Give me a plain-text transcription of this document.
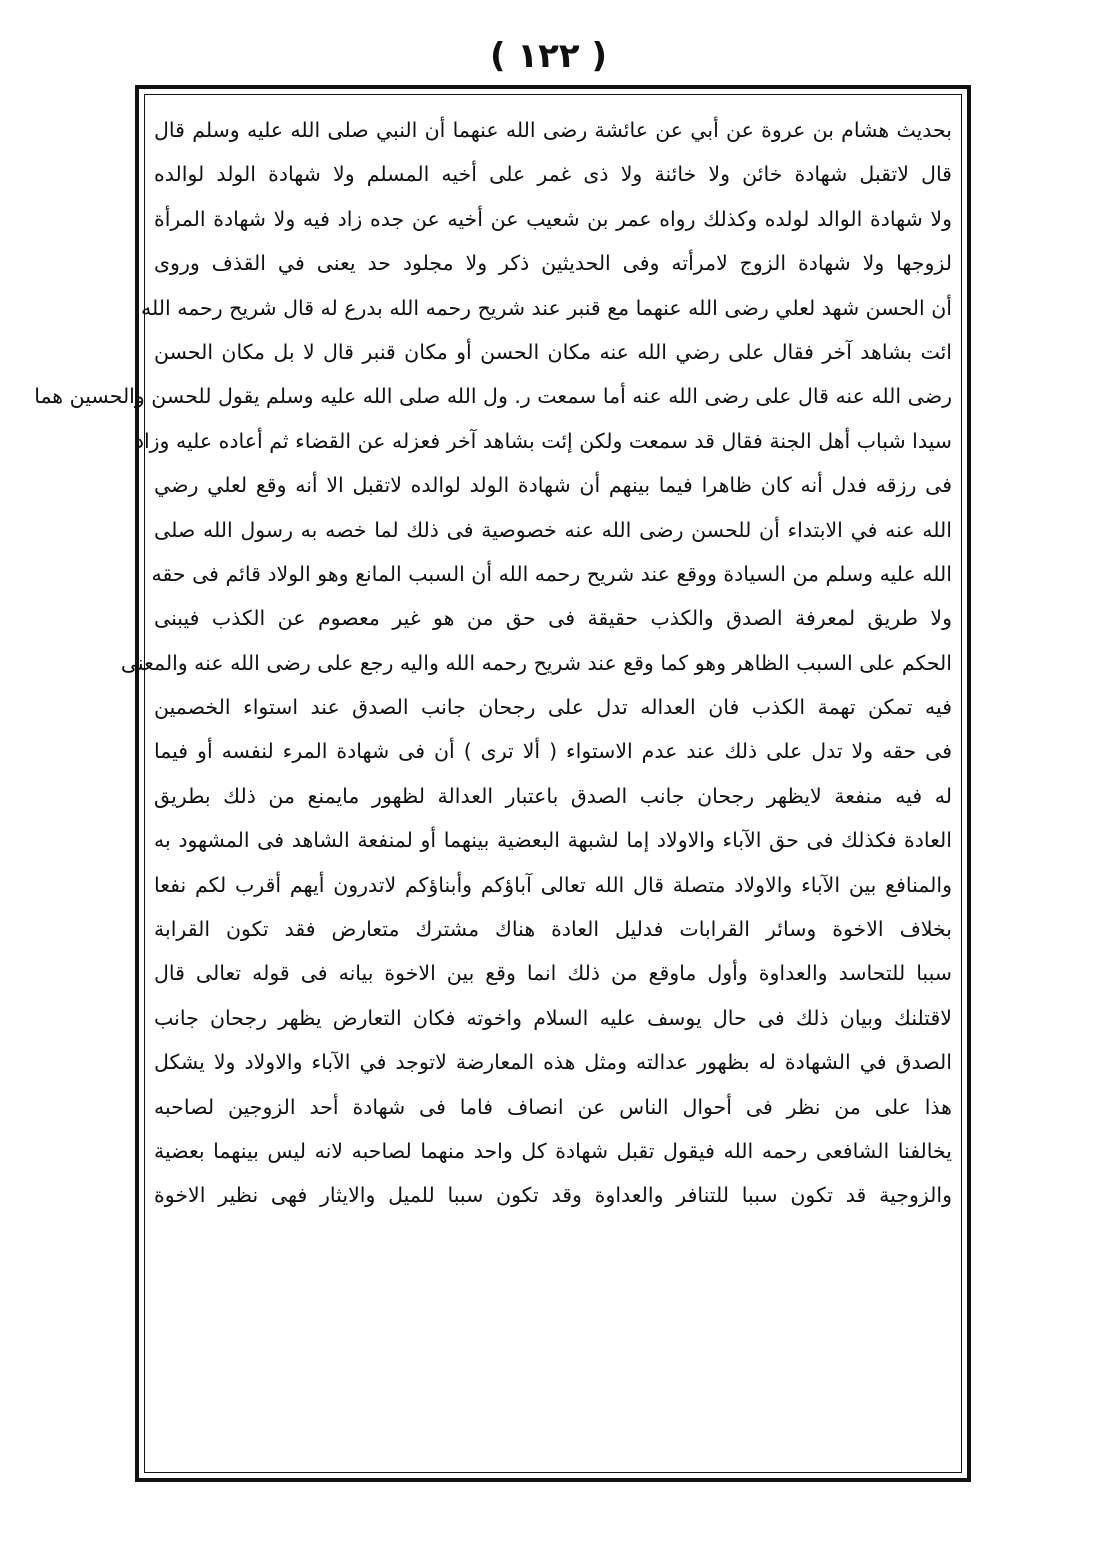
( ١٢٢ )
بحديث هشام بن عروة عن أبي عن عائشة رضى الله عنهما أن النبي صلى الله عليه وسلم قال
قال لاتقبل شهادة خائن ولا خائنة ولا ذى غمر على أخيه المسلم ولا شهادة الولد لوالده
ولا شهادة الوالد لولده وكذلك رواه عمر بن شعيب عن أخيه عن جده زاد فيه ولا شهادة المرأة
لزوجها ولا شهادة الزوج لامرأته وفى الحديثين ذكر ولا مجلود حد يعنى في القذف وروى
أن الحسن شهد لعلي رضى الله عنهما مع قنبر عند شريح رحمه الله بدرع له قال شريح رحمه الله
ائت بشاهد آخر فقال على رضي الله عنه مكان الحسن أو مكان قنبر قال لا بل مكان الحسن
رضى الله عنه قال على رضى الله عنه أما سمعت ر. ول الله صلى الله عليه وسلم يقول للحسن والحسين هما
سيدا شباب أهل الجنة فقال قد سمعت ولكن إئت بشاهد آخر فعزله عن القضاء ثم أعاده عليه وزاد
فى رزقه فدل أنه كان ظاهرا فيما بينهم أن شهادة الولد لوالده لاتقبل الا أنه وقع لعلي رضي
الله عنه في الابتداء أن للحسن رضى الله عنه خصوصية فى ذلك لما خصه به رسول الله صلى
الله عليه وسلم من السيادة ووقع عند شريح رحمه الله أن السبب المانع وهو الولاد قائم فى حقه
ولا طريق لمعرفة الصدق والكذب حقيقة فى حق من هو غير معصوم عن الكذب فيبنى
الحكم على السبب الظاهر وهو كما وقع عند شريح رحمه الله واليه رجع على رضى الله عنه والمعنى
فيه تمكن تهمة الكذب فان العداله تدل على رجحان جانب الصدق عند استواء الخصمين
فى حقه ولا تدل على ذلك عند عدم الاستواء ( ألا ترى ) أن فى شهادة المرء لنفسه أو فيما
له فيه منفعة لايظهر رجحان جانب الصدق باعتبار العدالة لظهور مايمنع من ذلك بطريق
العادة فكذلك فى حق الآباء والاولاد إما لشبهة البعضية بينهما أو لمنفعة الشاهد فى المشهود به
والمنافع بين الآباء والاولاد متصلة قال الله تعالى آباؤكم وأبناؤكم لاتدرون أيهم أقرب لكم نفعا
بخلاف الاخوة وسائر القرابات فدليل العادة هناك مشترك متعارض فقد تكون القرابة
سببا للتحاسد والعداوة وأول ماوقع من ذلك انما وقع بين الاخوة بيانه فى قوله تعالى قال
لاقتلنك وبيان ذلك فى حال يوسف عليه السلام واخوته فكان التعارض يظهر رجحان جانب
الصدق في الشهادة له بظهور عدالته ومثل هذه المعارضة لاتوجد في الآباء والاولاد ولا يشكل
هذا على من نظر فى أحوال الناس عن انصاف فاما فى شهادة أحد الزوجين لصاحبه
يخالفنا الشافعى رحمه الله فيقول تقبل شهادة كل واحد منهما لصاحبه لانه ليس بينهما بعضية
والزوجية قد تكون سببا للتنافر والعداوة وقد تكون سببا للميل والايثار فهى نظير الاخوة
